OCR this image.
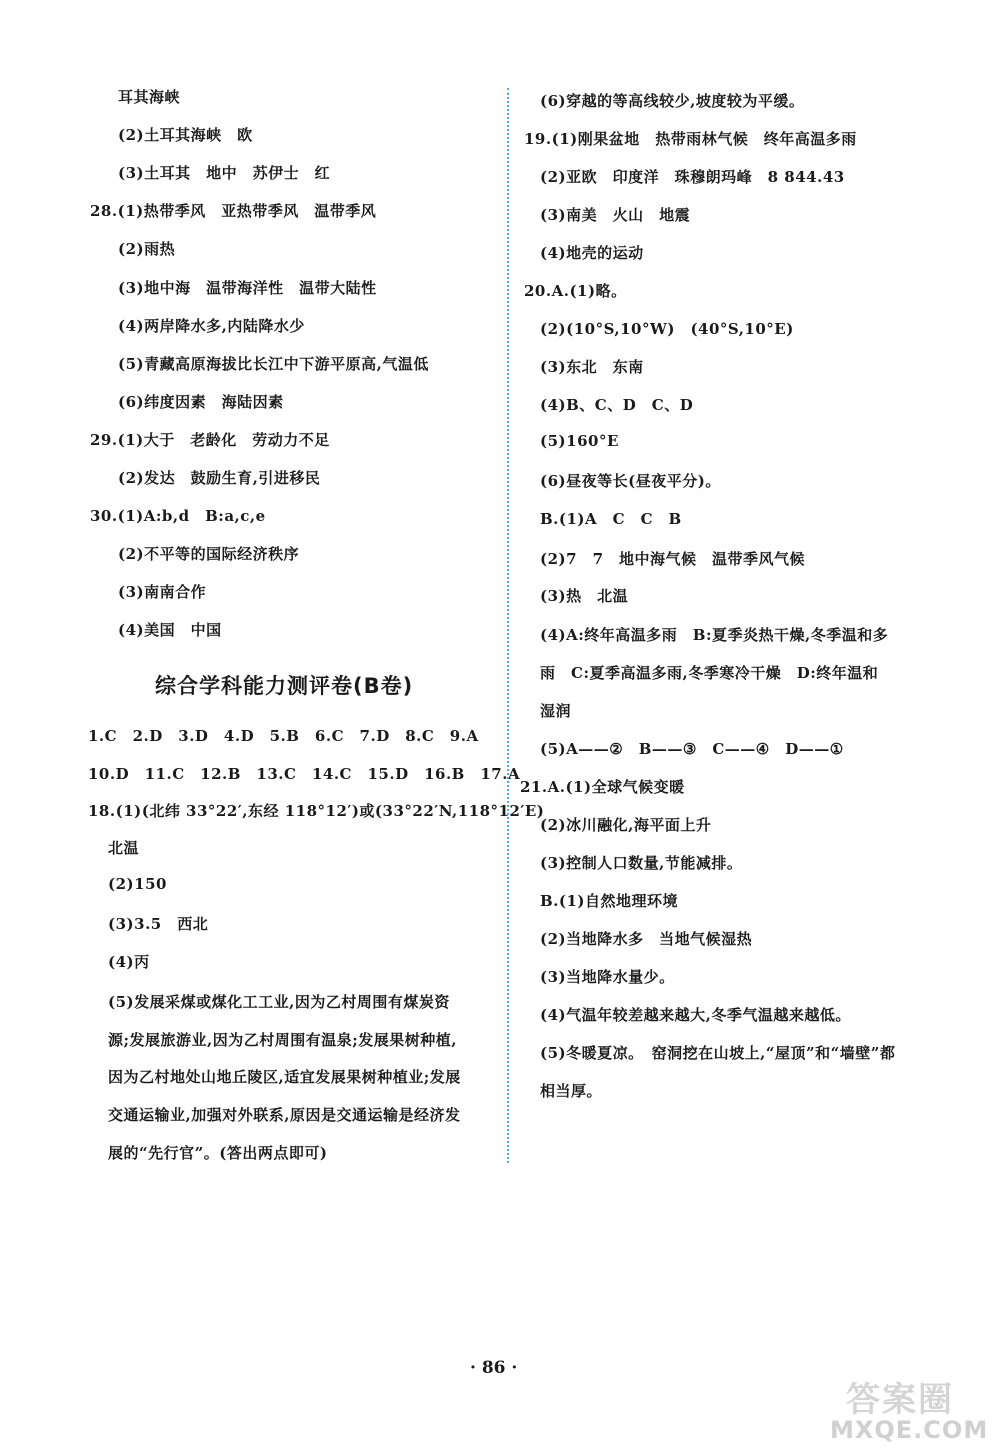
耳其海峡
(2)土耳其海峡　欧
(3)土耳其　地中　苏伊士　红
28.(1)热带季风　亚热带季风　温带季风
(2)雨热
(3)地中海　温带海洋性　温带大陆性
(4)两岸降水多,内陆降水少
(5)青藏高原海拔比长江中下游平原高,气温低
(6)纬度因素　海陆因素
29.(1)大于　老龄化　劳动力不足
(2)发达　鼓励生育,引进移民
30.(1)A:b,d　B:a,c,e
(2)不平等的国际经济秩序
(3)南南合作
(4)美国　中国
1.C　2.D　3.D　4.D　5.B　6.C　7.D　8.C　9.A
10.D　11.C　12.B　13.C　14.C　15.D　16.B　17.A
18.(1)(北纬 33°22′,东经 118°12′)或(33°22′N,118°12′E)
北温
(2)150
(3)3.5　西北
(4)丙
(5)发展采煤或煤化工工业,因为乙村周围有煤炭资
源;发展旅游业,因为乙村周围有温泉;发展果树种植,
因为乙村地处山地丘陵区,适宜发展果树种植业;发展
交通运输业,加强对外联系,原因是交通运输是经济发
展的“先行官”。(答出两点即可)
综合学科能力测评卷(B卷)
(6)穿越的等高线较少,坡度较为平缓。
19.(1)刚果盆地　热带雨林气候　终年高温多雨
(2)亚欧　印度洋　珠穆朗玛峰　8 844.43
(3)南美　火山　地震
(4)地壳的运动
20.A.(1)略。
(2)(10°S,10°W)　(40°S,10°E)
(3)东北　东南
(4)B、C、D　C、D
(5)160°E
(6)昼夜等长(昼夜平分)。
B.(1)A　C　C　B
(2)7　7　地中海气候　温带季风气候
(3)热　北温
(4)A:终年高温多雨　B:夏季炎热干燥,冬季温和多
雨　C:夏季高温多雨,冬季寒冷干燥　D:终年温和
湿润
(5)A——②　B——③　C——④　D——①
21.A.(1)全球气候变暖
(2)冰川融化,海平面上升
(3)控制人口数量,节能减排。
B.(1)自然地理环境
(2)当地降水多　当地气候湿热
(3)当地降水量少。
(4)气温年较差越来越大,冬季气温越来越低。
(5)冬暖夏凉。　窑洞挖在山坡上,“屋顶”和“墙壁”都
相当厚。
· 86 ·
答案圈
MXQE.COM
